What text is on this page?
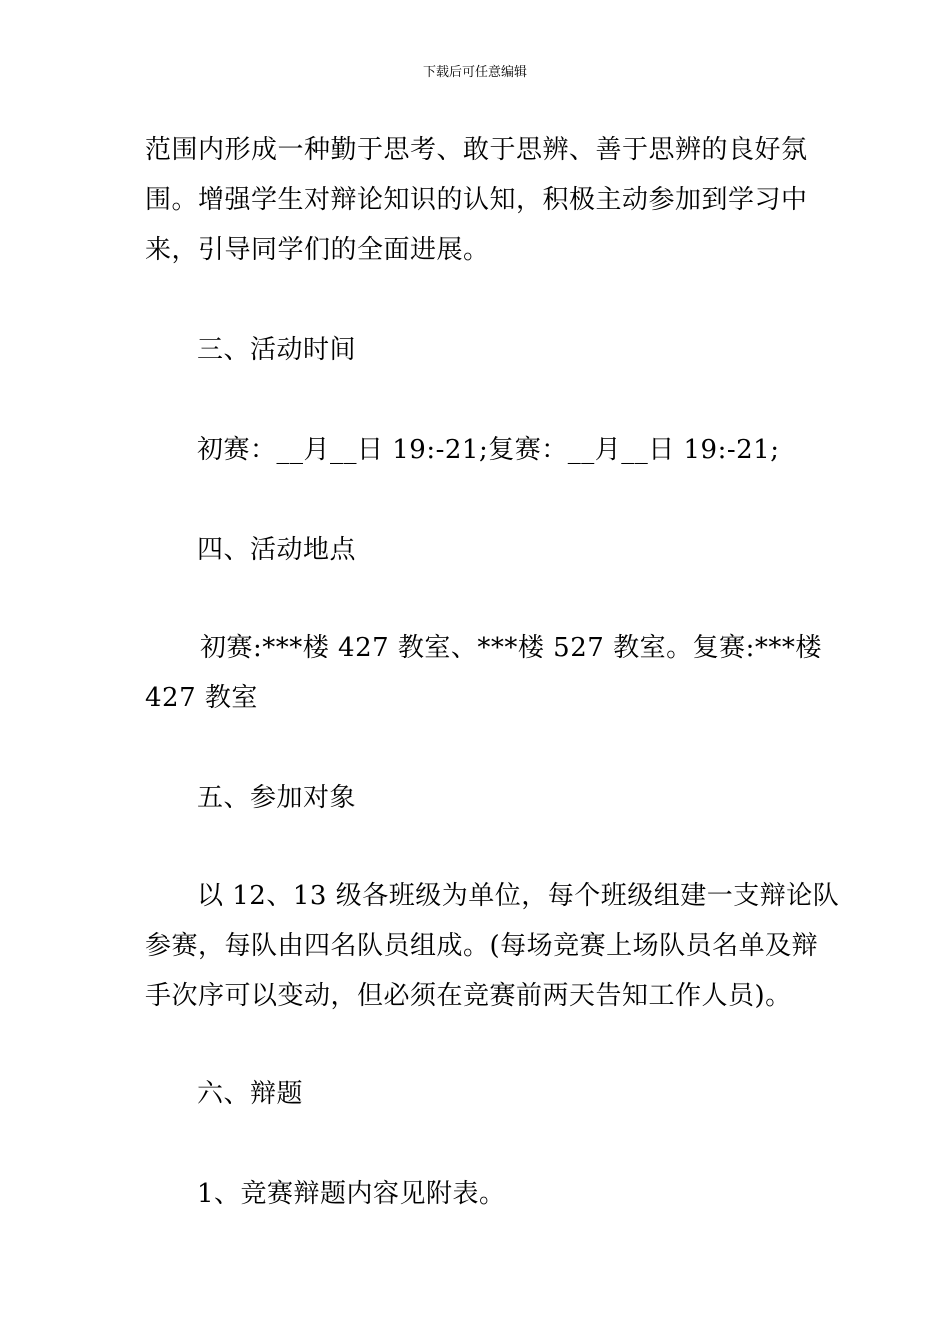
下载后可任意编辑
范围内形成一种勤于思考、敢于思辨、善于思辨的良好氛
围。增强学生对辩论知识的认知，积极主动参加到学习中
来，引导同学们的全面进展。
三、活动时间
初赛：__月__日 19:-21;复赛：__月__日 19:-21;
四、活动地点
初赛:***楼 427 教室、***楼 527 教室。复赛:***楼
427 教室
五、参加对象
以 12、13 级各班级为单位，每个班级组建一支辩论队
参赛，每队由四名队员组成。(每场竞赛上场队员名单及辩
手次序可以变动，但必须在竞赛前两天告知工作人员)。
六、辩题
1、竞赛辩题内容见附表。
